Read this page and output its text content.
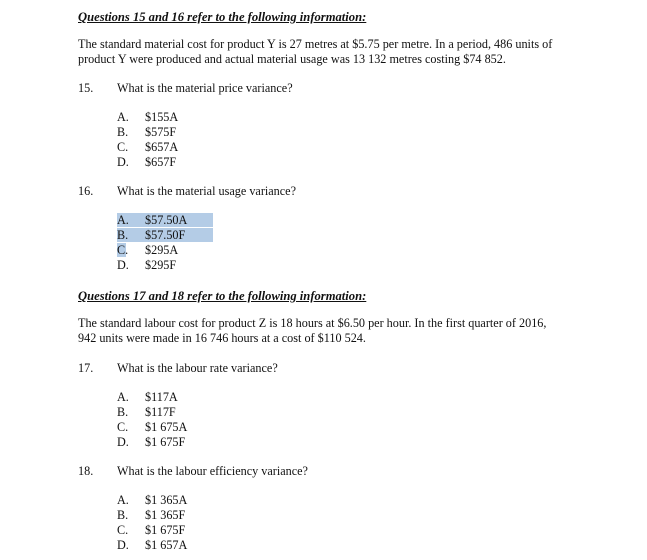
Questions 15 and 16 refer to the following information:
The standard material cost for product Y is 27 metres at $5.75 per metre. In a period, 486 units of
product Y were produced and actual material usage was 13 132 metres costing $74 852.
15. What is the material price variance?
A. $155A
B. $575F
C. $657A
D. $657F
16. What is the material usage variance?
A. $57.50A
B. $57.50F
C. $295A
D. $295F
Questions 17 and 18 refer to the following information:
The standard labour cost for product Z is 18 hours at $6.50 per hour. In the first quarter of 2016,
942 units were made in 16 746 hours at a cost of $110 524.
17. What is the labour rate variance?
A. $117A
B. $117F
C. $1 675A
D. $1 675F
18. What is the labour efficiency variance?
A. $1 365A
B. $1 365F
C. $1 675F
D. $1 657A
